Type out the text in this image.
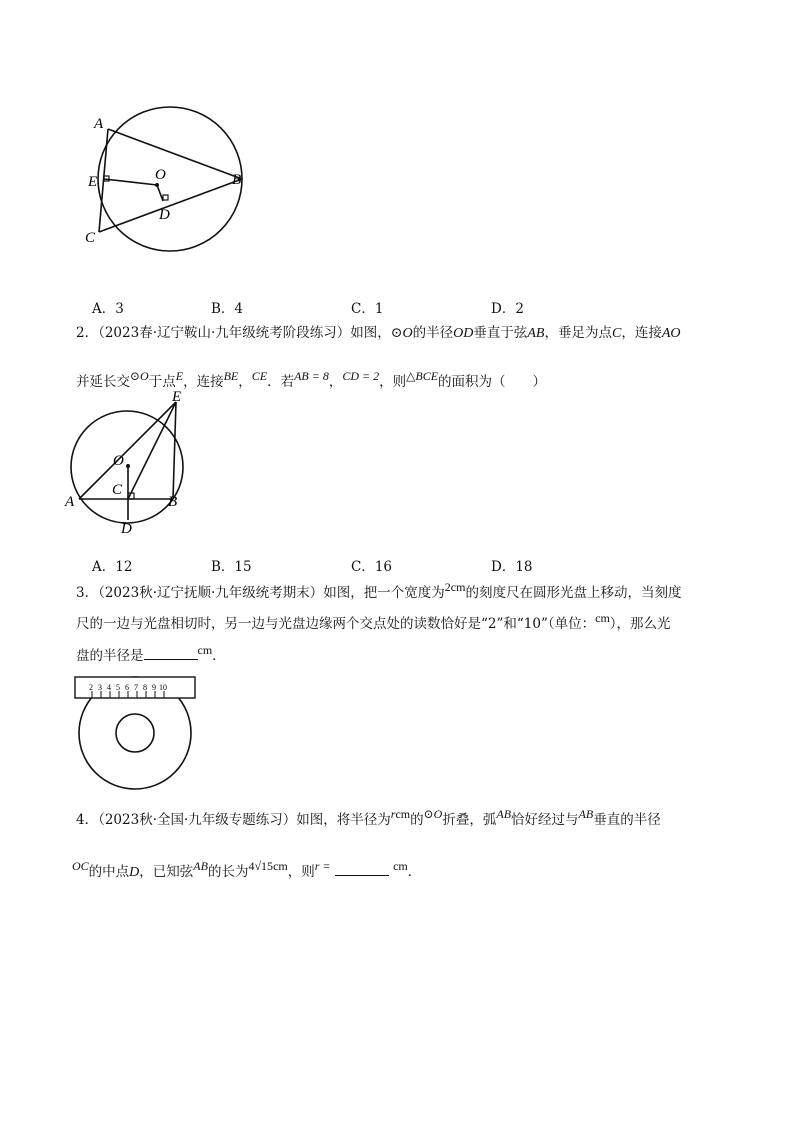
A
B
C
D
E	O
A．3	B．4	C．1	D．2
2．（2023春·辽宁鞍山·九年级统考阶段练习）如图，⊙O的半径OD垂直于弦AB，垂足为点C，连接AO
并延长交⊙O于点E，连接BE，CE．若AB = 8，CD = 2，则△BCE的面积为（　　）
E
O
C
A	B
D
A．12	B．15	C．16	D．18
3．（2023秋·辽宁抚顺·九年级统考期末）如图，把一个宽度为2cm的刻度尺在圆形光盘上移动，当刻度
尺的一边与光盘相切时，另一边与光盘边缘两个交点处的读数恰好是“2”和“10”（单位：cm），那么光
盘的半径是	cm．
2 3 4 5 6 7 8 9 10
4．（2023秋·全国·九年级专题练习）如图，将半径为rcm的⊙O折叠，弧AB恰好经过与AB垂直的半径
OC的中点D，已知弦AB的长为4√15cm，则r =	cm．
